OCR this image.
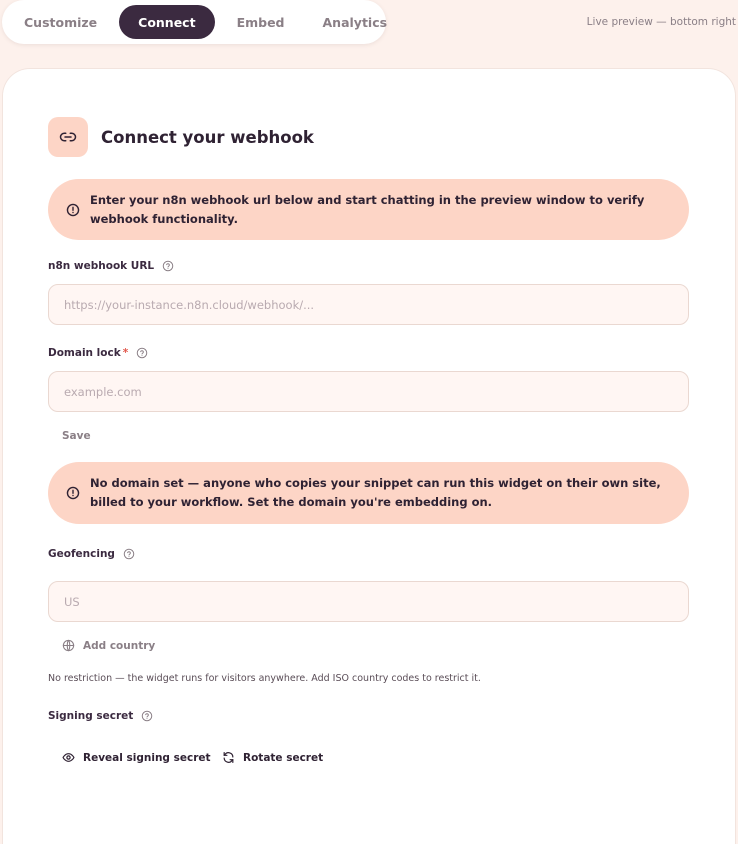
Customize	Connect	Embed	Analytics	Live preview — bottom right
Connect your webhook
Enter your n8n webhook url below and start chatting in the preview window to verify webhook functionality.
n8n webhook URL
https://your-instance.n8n.cloud/webhook/...
Domain lock *
example.com
Save
No domain set — anyone who copies your snippet can run this widget on their own site, billed to your workflow. Set the domain you're embedding on.
Geofencing
US
Add country
No restriction — the widget runs for visitors anywhere. Add ISO country codes to restrict it.
Signing secret
Reveal signing secret	Rotate secret
